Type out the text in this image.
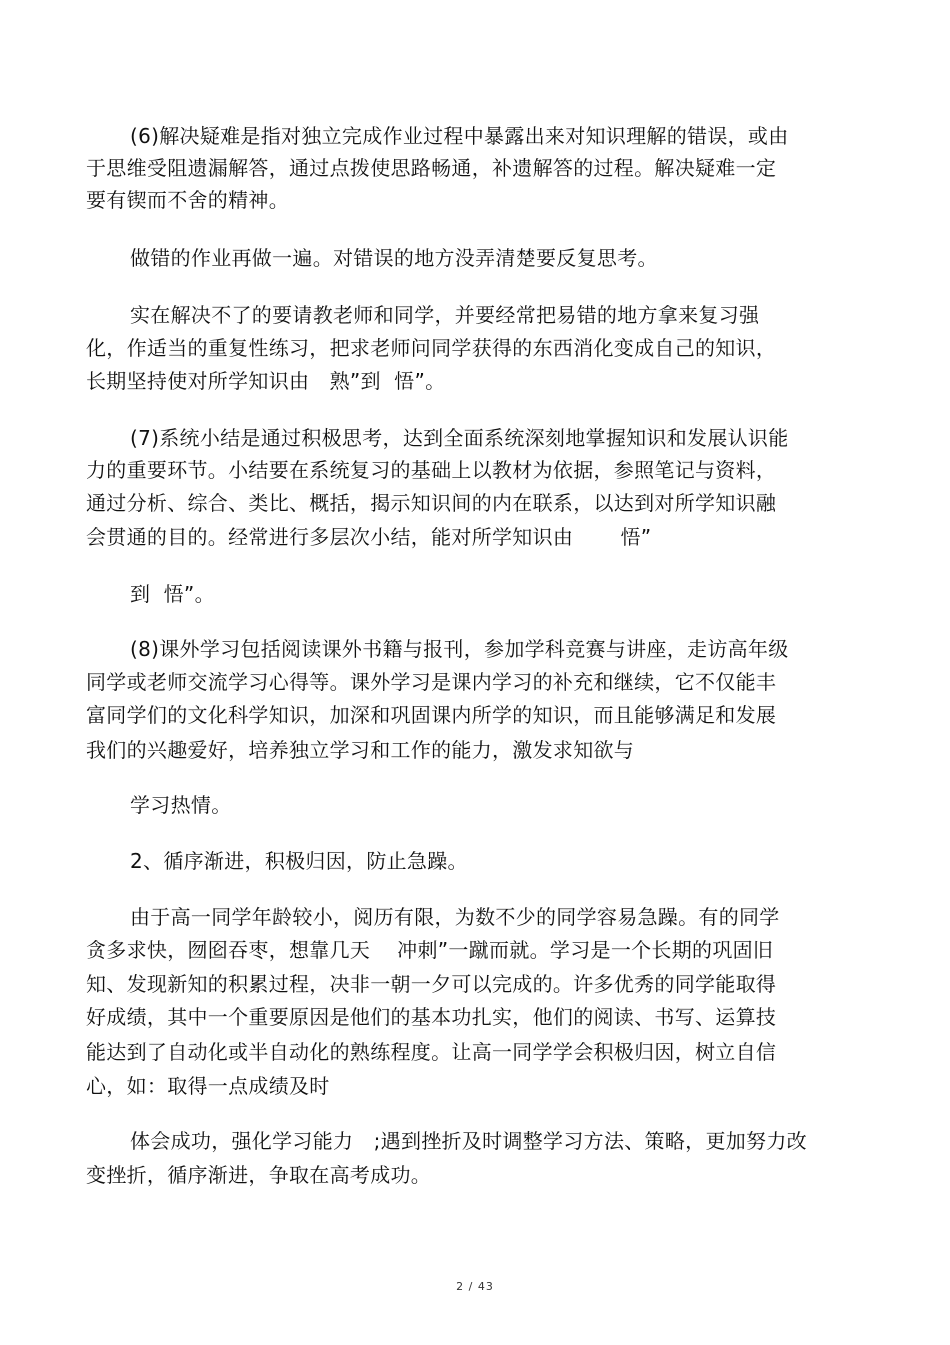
(6)解决疑难是指对独立完成作业过程中暴露出来对知识理解的错误，或由
于思维受阻遗漏解答，通过点拨使思路畅通，补遗解答的过程。解决疑难一定
要有锲而不舍的精神。
做错的作业再做一遍。对错误的地方没弄清楚要反复思考。
实在解决不了的要请教老师和同学，并要经常把易错的地方拿来复习强
化，作适当的重复性练习，把求老师问同学获得的东西消化变成自己的知识，
长期坚持使对所学知识由　熟”到  悟”。
(7)系统小结是通过积极思考，达到全面系统深刻地掌握知识和发展认识能
力的重要环节。小结要在系统复习的基础上以教材为依据，参照笔记与资料，
通过分析、综合、类比、概括，揭示知识间的内在联系，以达到对所学知识融
会贯通的目的。经常进行多层次小结，能对所学知识由　　 悟”
到  悟”。
(8)课外学习包括阅读课外书籍与报刊，参加学科竞赛与讲座，走访高年级
同学或老师交流学习心得等。课外学习是课内学习的补充和继续，它不仅能丰
富同学们的文化科学知识，加深和巩固课内所学的知识，而且能够满足和发展
我们的兴趣爱好，培养独立学习和工作的能力，激发求知欲与
学习热情。
2、循序渐进，积极归因，防止急躁。
由于高一同学年龄较小，阅历有限，为数不少的同学容易急躁。有的同学
贪多求快，囫囵吞枣，想靠几天　 冲刺”一蹴而就。学习是一个长期的巩固旧
知、发现新知的积累过程，决非一朝一夕可以完成的。许多优秀的同学能取得
好成绩，其中一个重要原因是他们的基本功扎实，他们的阅读、书写、运算技
能达到了自动化或半自动化的熟练程度。让高一同学学会积极归因，树立自信
心，如：取得一点成绩及时
体会成功，强化学习能力　;遇到挫折及时调整学习方法、策略，更加努力改
变挫折，循序渐进，争取在高考成功。
2 / 43
